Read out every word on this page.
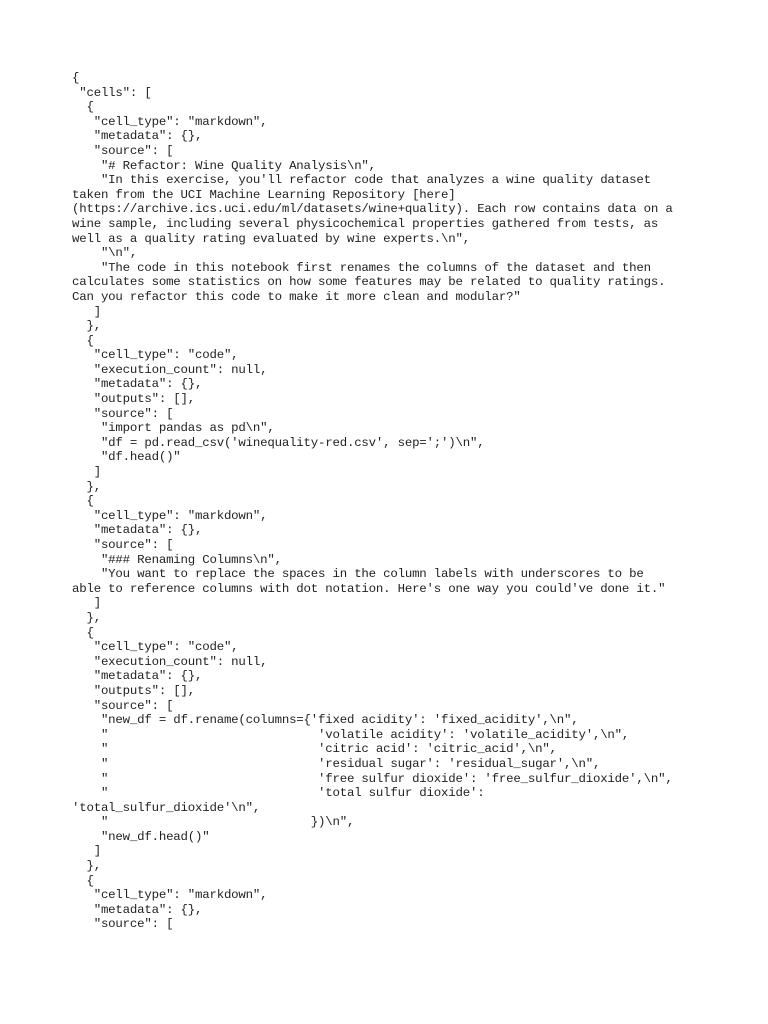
{
"cells": [
{
"cell_type": "markdown",
"metadata": {},
"source": [
"# Refactor: Wine Quality Analysis\n",
"In this exercise, you'll refactor code that analyzes a wine quality dataset
taken from the UCI Machine Learning Repository [here]
(https://archive.ics.uci.edu/ml/datasets/wine+quality). Each row contains data on a
wine sample, including several physicochemical properties gathered from tests, as
well as a quality rating evaluated by wine experts.\n",
"\n",
"The code in this notebook first renames the columns of the dataset and then
calculates some statistics on how some features may be related to quality ratings.
Can you refactor this code to make it more clean and modular?"
]
},
{
"cell_type": "code",
"execution_count": null,
"metadata": {},
"outputs": [],
"source": [
"import pandas as pd\n",
"df = pd.read_csv('winequality-red.csv', sep=';')\n",
"df.head()"
]
},
{
"cell_type": "markdown",
"metadata": {},
"source": [
"### Renaming Columns\n",
"You want to replace the spaces in the column labels with underscores to be
able to reference columns with dot notation. Here's one way you could've done it."
]
},
{
"cell_type": "code",
"execution_count": null,
"metadata": {},
"outputs": [],
"source": [
"new_df = df.rename(columns={'fixed acidity': 'fixed_acidity',\n",
"                             'volatile acidity': 'volatile_acidity',\n",
"                             'citric acid': 'citric_acid',\n",
"                             'residual sugar': 'residual_sugar',\n",
"                             'free sulfur dioxide': 'free_sulfur_dioxide',\n",
"                             'total sulfur dioxide':
'total_sulfur_dioxide'\n",
"                            })\n",
"new_df.head()"
]
},
{
"cell_type": "markdown",
"metadata": {},
"source": [
